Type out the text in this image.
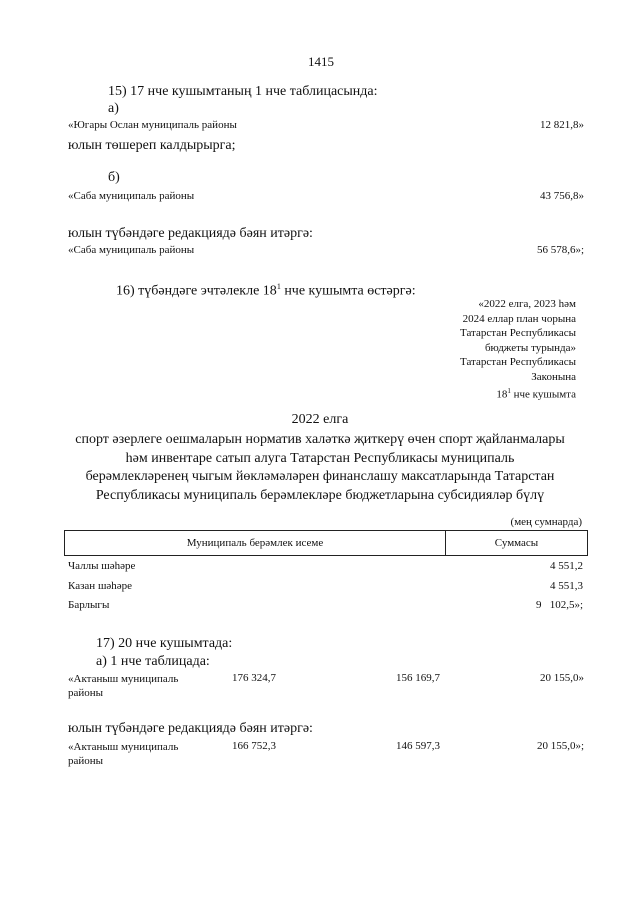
1415
15) 17 нче кушымтаның 1 нче таблицасында:
а)
«Югары Ослан муниципаль районы	12 821,8»
юлын төшереп калдырырга;
б)
«Саба муниципаль районы	43 756,8»
юлын түбәндәге редакциядә бәян итәргә:
«Саба муниципаль районы	56 578,6»;
16) түбәндәге эчтәлекле $18^1$ нче кушымта өстәргә:
«2022 елга, 2023 һәм
2024 еллар план чорына
Татарстан Республикасы
бюджеты турында»
Татарстан Республикасы
Законына
$18^1$ нче кушымта
2022 елга
спорт әзерлеге оешмаларын норматив халәткә җиткерү өчен спорт җайланмалары
һәм инвентаре сатып алуга Татарстан Республикасы муниципаль
берәмлекләренең чыгым йөкләмәләрен финанслашу максатларында Татарстан
Республикасы муниципаль берәмлекләре бюджетларына субсидияләр бүлү
(мең сумнарда)
Муниципаль берәмлек исеме	Суммасы
Чаллы шәһәре	4 551,2
Казан шәһәре	4 551,3
Барлыгы	9   102,5»;
17) 20 нче кушымтада:
а) 1 нче таблицада:
«Актаныш муниципаль
районы
176 324,7	156 169,7	20 155,0»
юлын түбәндәге редакциядә бәян итәргә:
«Актаныш муниципаль
районы
166 752,3	146 597,3	20 155,0»;
